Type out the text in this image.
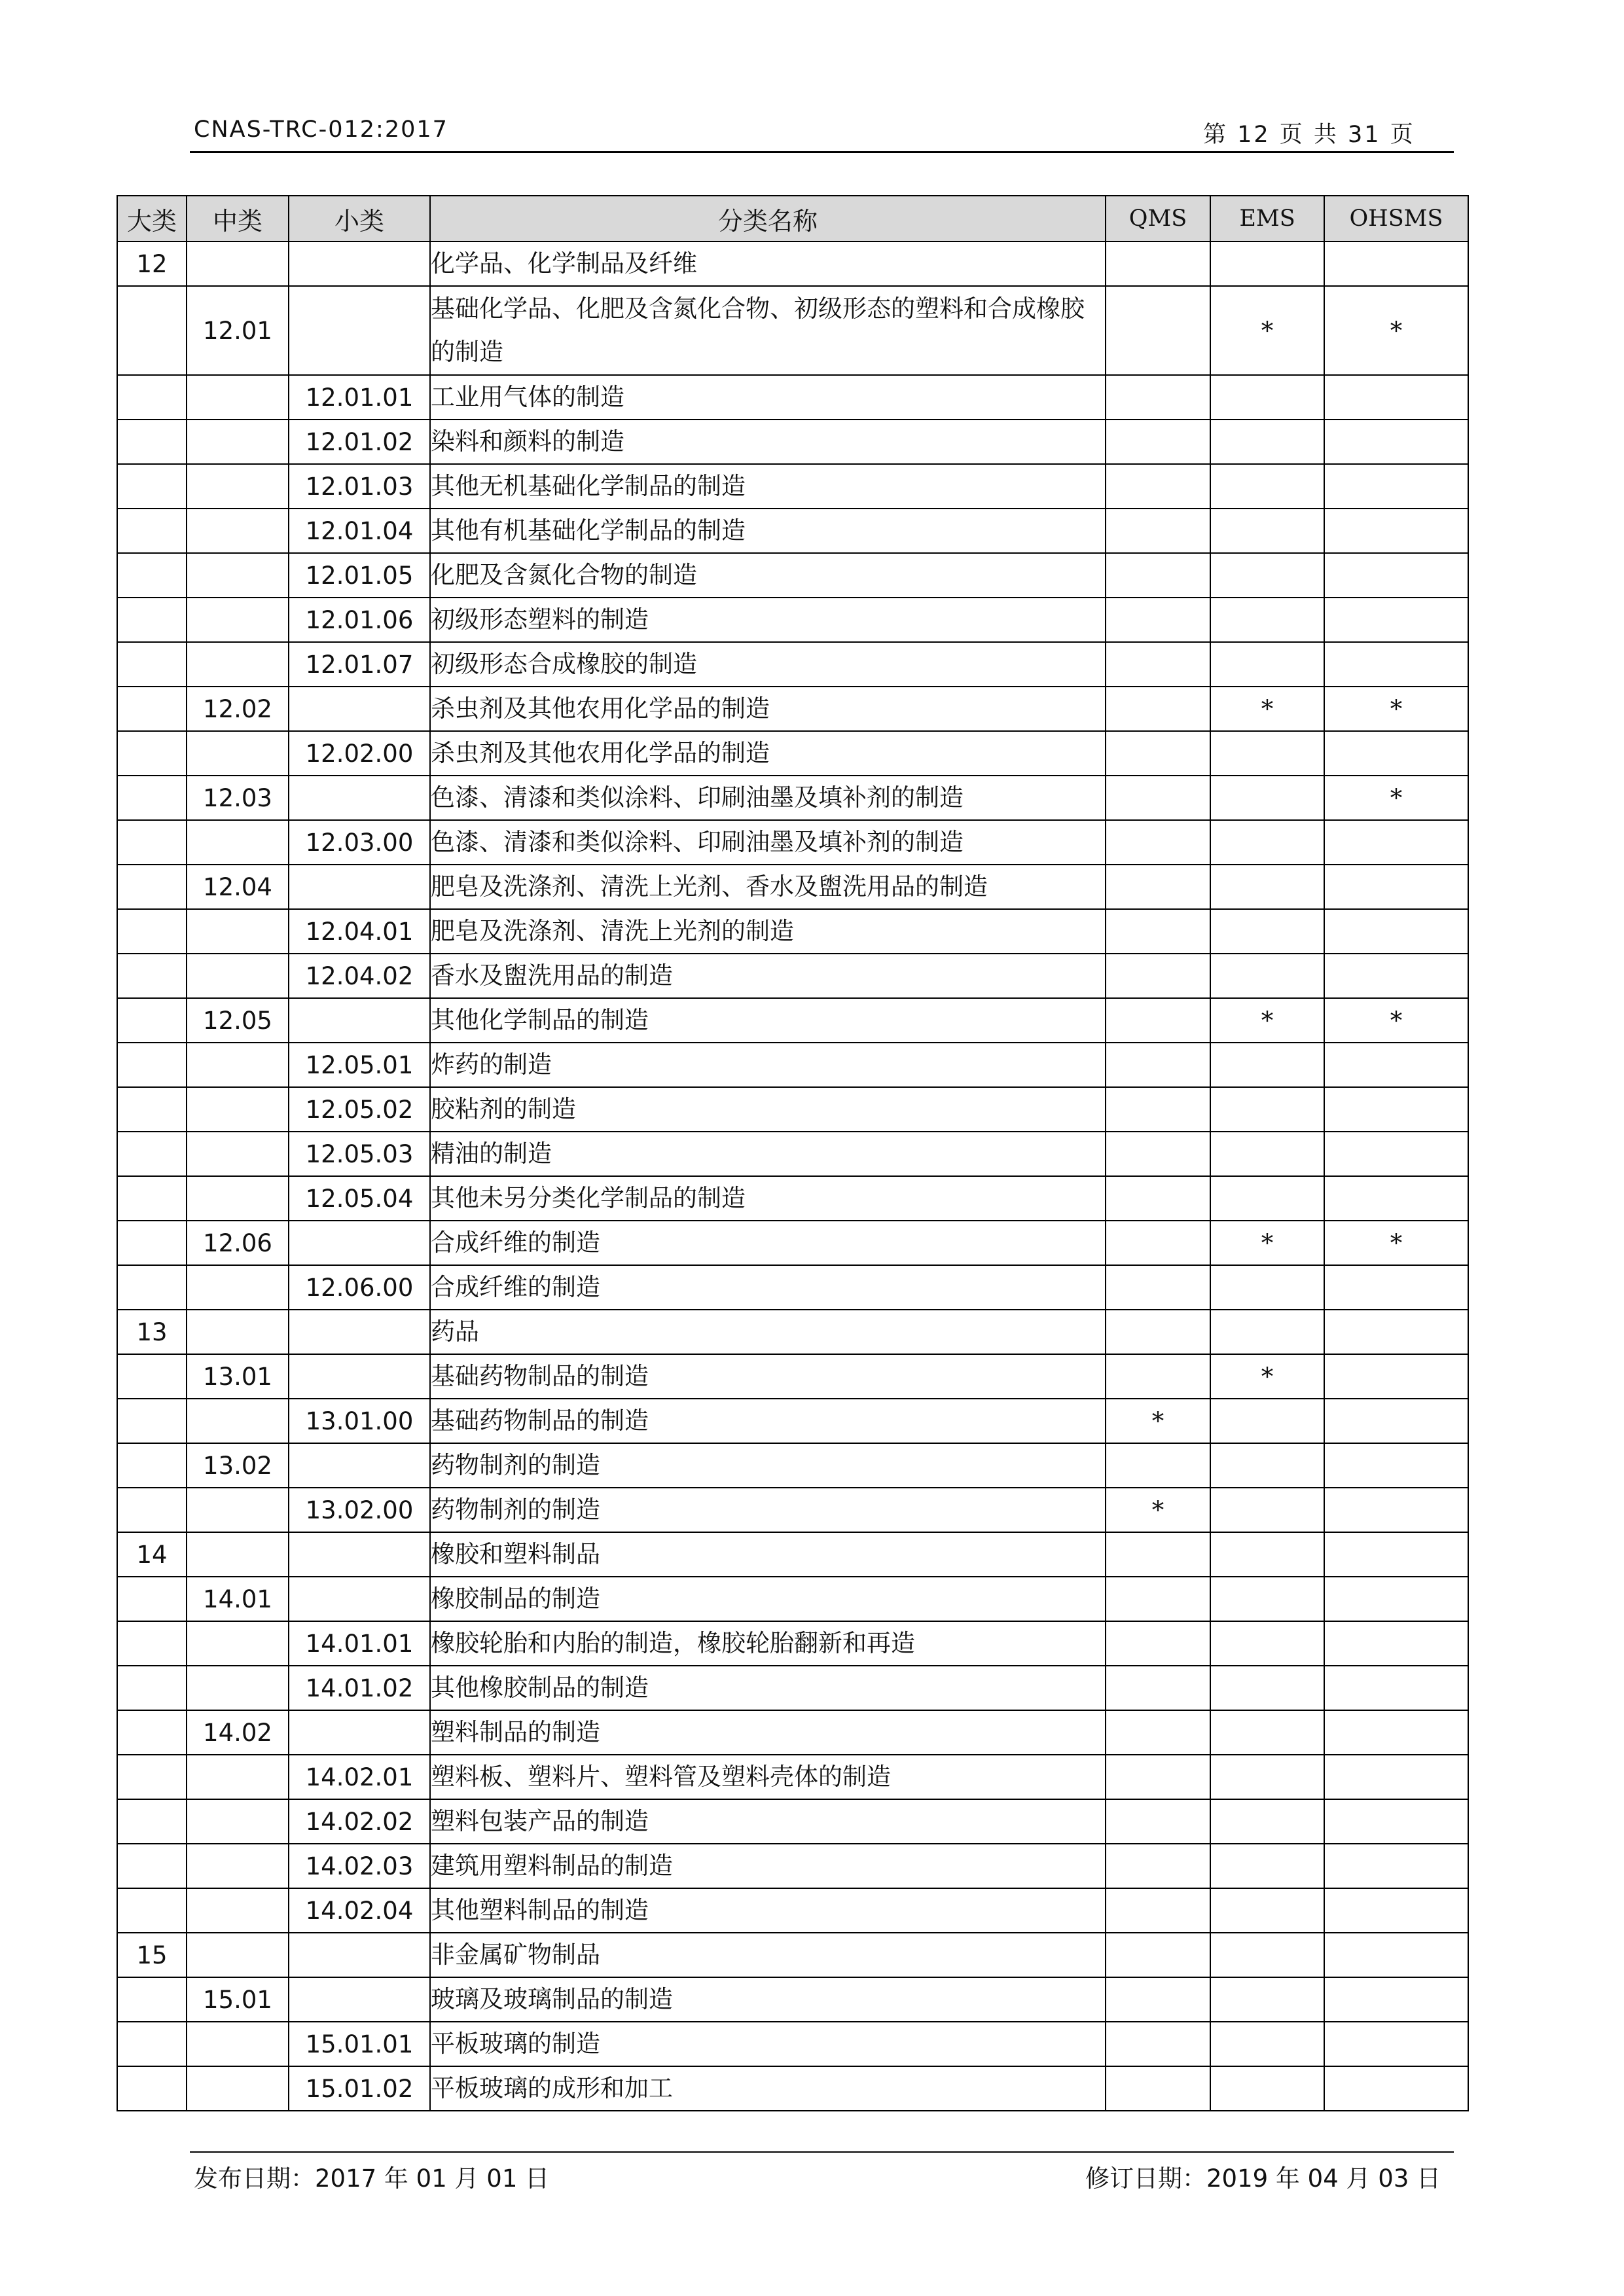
CNAS-TRC-012:2017	第 12 页 共 31 页
大类	中类	小类	分类名称	QMS	EMS	OHSMS
12			化学品、化学制品及纤维			
	12.01		基础化学品、化肥及含氮化合物、初级形态的塑料和合成橡胶的制造		*	*
		12.01.01	工业用气体的制造			
		12.01.02	染料和颜料的制造			
		12.01.03	其他无机基础化学制品的制造			
		12.01.04	其他有机基础化学制品的制造			
		12.01.05	化肥及含氮化合物的制造			
		12.01.06	初级形态塑料的制造			
		12.01.07	初级形态合成橡胶的制造			
	12.02		杀虫剂及其他农用化学品的制造		*	*
		12.02.00	杀虫剂及其他农用化学品的制造			
	12.03		色漆、清漆和类似涂料、印刷油墨及填补剂的制造			*
		12.03.00	色漆、清漆和类似涂料、印刷油墨及填补剂的制造			
	12.04		肥皂及洗涤剂、清洗上光剂、香水及盥洗用品的制造			
		12.04.01	肥皂及洗涤剂、清洗上光剂的制造			
		12.04.02	香水及盥洗用品的制造			
	12.05		其他化学制品的制造		*	*
		12.05.01	炸药的制造			
		12.05.02	胶粘剂的制造			
		12.05.03	精油的制造			
		12.05.04	其他未另分类化学制品的制造			
	12.06		合成纤维的制造		*	*
		12.06.00	合成纤维的制造			
13			药品			
	13.01		基础药物制品的制造		*	
		13.01.00	基础药物制品的制造	*		
	13.02		药物制剂的制造			
		13.02.00	药物制剂的制造	*		
14			橡胶和塑料制品			
	14.01		橡胶制品的制造			
		14.01.01	橡胶轮胎和内胎的制造，橡胶轮胎翻新和再造			
		14.01.02	其他橡胶制品的制造			
	14.02		塑料制品的制造			
		14.02.01	塑料板、塑料片、塑料管及塑料壳体的制造			
		14.02.02	塑料包装产品的制造			
		14.02.03	建筑用塑料制品的制造			
		14.02.04	其他塑料制品的制造			
15			非金属矿物制品			
	15.01		玻璃及玻璃制品的制造			
		15.01.01	平板玻璃的制造			
		15.01.02	平板玻璃的成形和加工			
发布日期：2017 年 01 月 01 日	修订日期：2019 年 04 月 03 日
